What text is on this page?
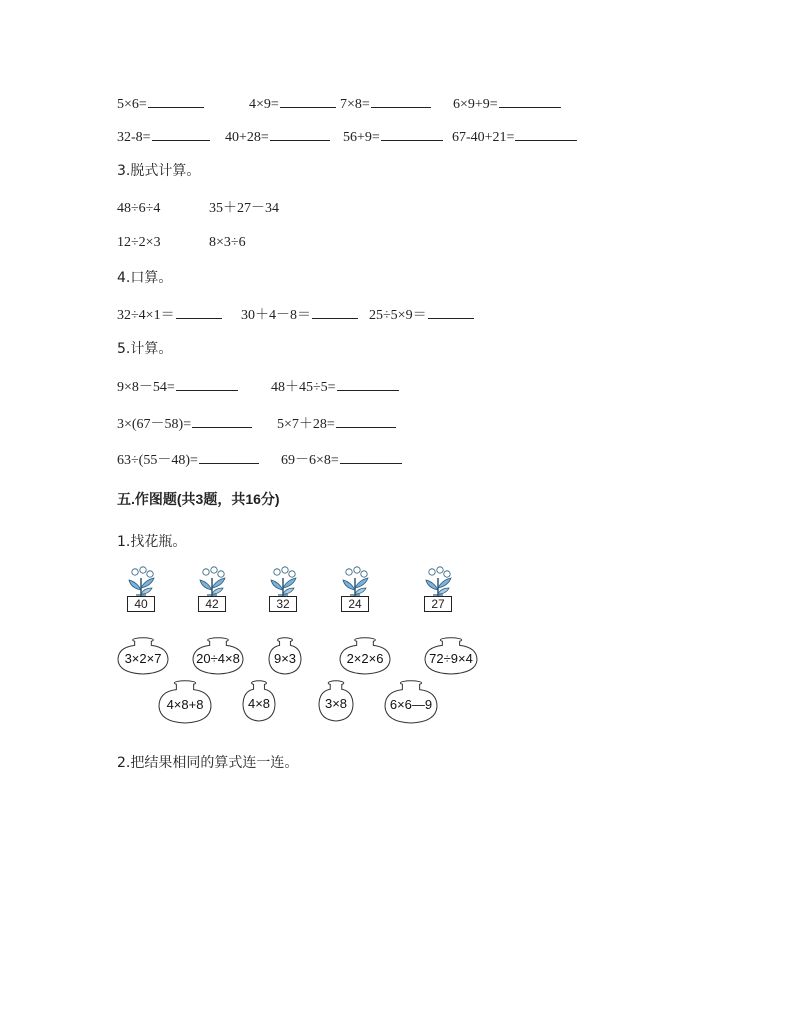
5×6=	4×9=	7×8=	6×9+9=
32-8=	40+28=	56+9=	67-40+21=
3.脱式计算。
48÷6÷4	35＋27－34
12÷2×3	8×3÷6
4.口算。
32÷4×1＝	30＋4－8＝	25÷5×9＝
5.计算。
9×8－54=	48＋45÷5=
3×(67－58)=	5×7＋28=
63÷(55－48)=	69－6×8=
五.作图题(共3题，共16分)
1.找花瓶。
40	42	32	24	27
3×2×7	20÷4×8	9×3	2×2×6	72÷9×4
4×8+8	4×8	3×8	6×6—9
2.把结果相同的算式连一连。
